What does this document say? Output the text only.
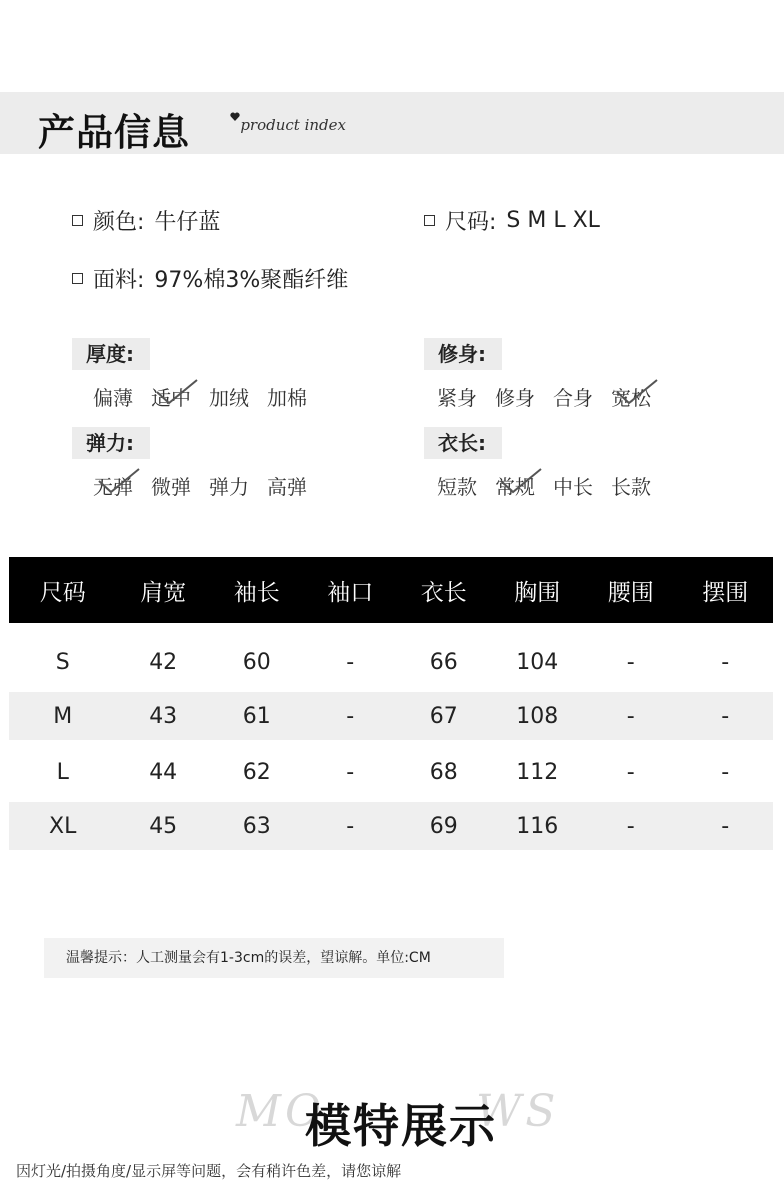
产品信息	product index
颜色: 牛仔蓝	尺码: S M L XL
面料: 97%棉3%聚酯纤维
厚度:
偏薄 适中 加绒 加棉
修身:
紧身 修身 合身 宽松
弹力:
无弹 微弹 弹力 高弹
衣长:
短款 常规 中长 长款
尺码	肩宽	袖长	袖口	衣长	胸围	腰围	摆围
S	42	60	-	66	104	-	-
M	43	61	-	67	108	-	-
L	44	62	-	68	112	-	-
XL	45	63	-	69	116	-	-
温馨提示：人工测量会有1-3cm的误差，望谅解。单位:CM
MO	WS
模特展示
因灯光/拍摄角度/显示屏等问题，会有稍许色差，请您谅解
